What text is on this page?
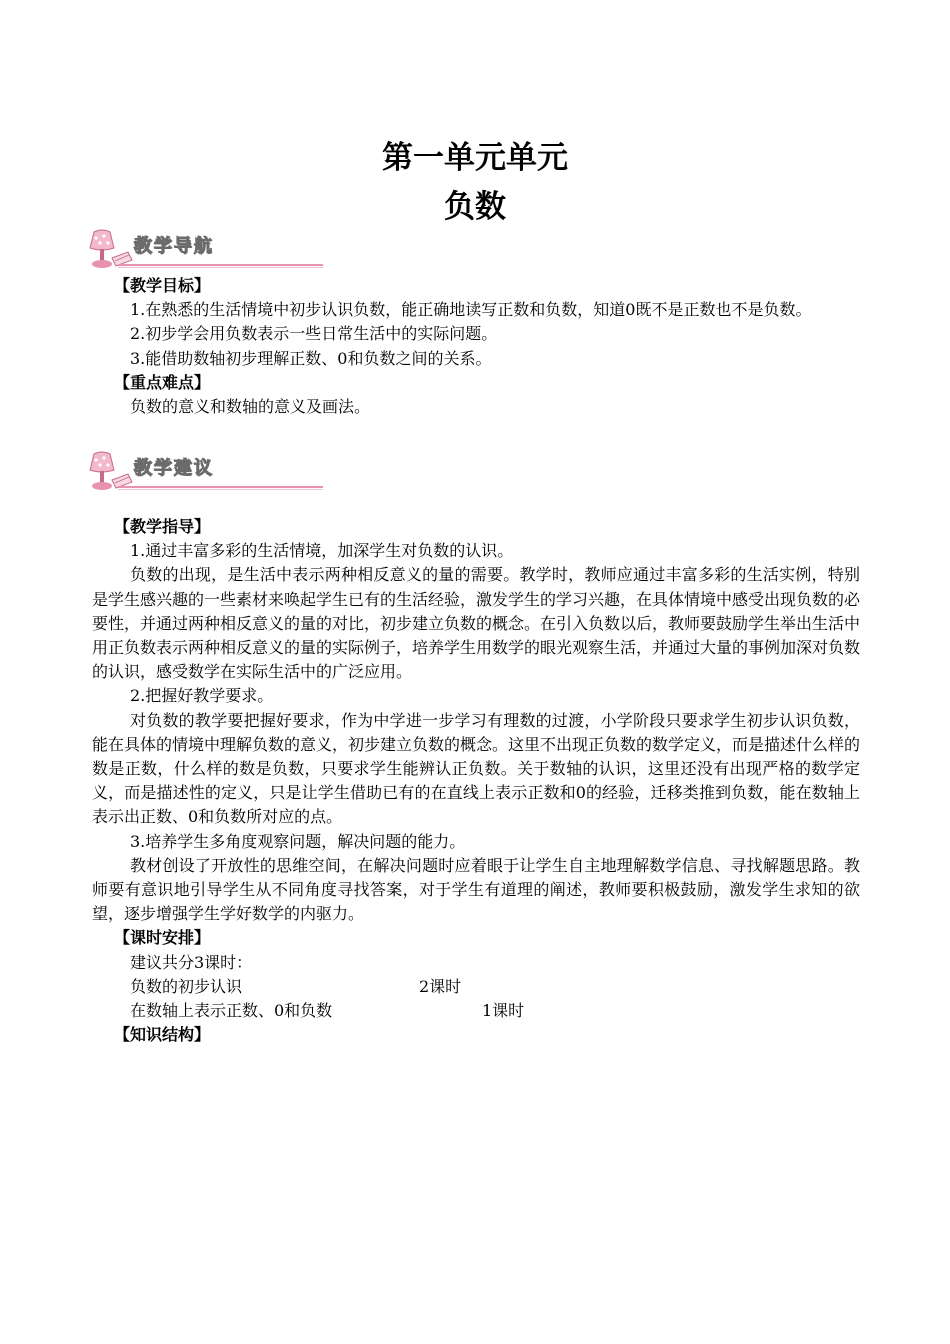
第一单元单元
负数
教学导航

【教学目标】

1.在熟悉的生活情境中初步认识负数，能正确地读写正数和负数，知道0既不是正数也不是负数。

2.初步学会用负数表示一些日常生活中的实际问题。

3.能借助数轴初步理解正数、0和负数之间的关系。

【重点难点】

负数的意义和数轴的意义及画法。

教学建议

【教学指导】

1.通过丰富多彩的生活情境，加深学生对负数的认识。

负数的出现，是生活中表示两种相反意义的量的需要。教学时，教师应通过丰富多彩的生活实例，特别是学生感兴趣的一些素材来唤起学生已有的生活经验，激发学生的学习兴趣，在具体情境中感受出现负数的必要性，并通过两种相反意义的量的对比，初步建立负数的概念。在引入负数以后，教师要鼓励学生举出生活中用正负数表示两种相反意义的量的实际例子，培养学生用数学的眼光观察生活，并通过大量的事例加深对负数的认识，感受数学在实际生活中的广泛应用。

2.把握好教学要求。

对负数的教学要把握好要求，作为中学进一步学习有理数的过渡，小学阶段只要求学生初步认识负数，能在具体的情境中理解负数的意义，初步建立负数的概念。这里不出现正负数的数学定义，而是描述什么样的数是正数，什么样的数是负数，只要求学生能辨认正负数。关于数轴的认识，这里还没有出现严格的数学定义，而是描述性的定义，只是让学生借助已有的在直线上表示正数和0的经验，迁移类推到负数，能在数轴上表示出正数、0和负数所对应的点。

3.培养学生多角度观察问题，解决问题的能力。

教材创设了开放性的思维空间，在解决问题时应着眼于让学生自主地理解数学信息、寻找解题思路。教师要有意识地引导学生从不同角度寻找答案，对于学生有道理的阐述，教师要积极鼓励，激发学生求知的欲望，逐步增强学生学好数学的内驱力。

【课时安排】

建议共分3课时：

负数的初步认识	2课时
在数轴上表示正数、0和负数	1课时

【知识结构】
